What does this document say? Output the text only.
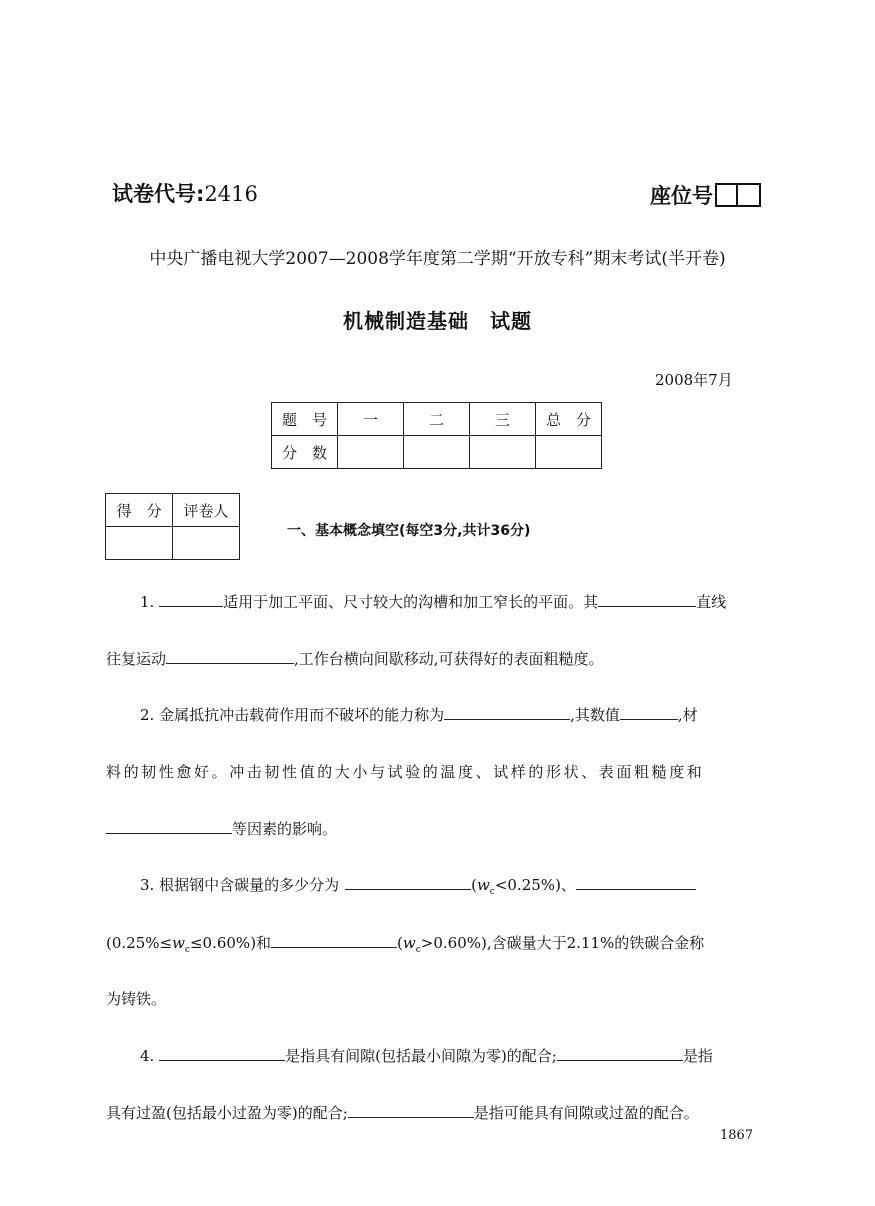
试卷代号:2416	座位号
中央广播电视大学2007—2008学年度第二学期“开放专科”期末考试(半开卷)
机械制造基础　试题
2008年7月
题　号	一	二	三	总　分
分　数				
得　分	评卷人

一、基本概念填空(每空3分,共计36分)
1.	适用于加工平面、尺寸较大的沟槽和加工窄长的平面。其	直线
往复运动	,工作台横向间歇移动,可获得好的表面粗糙度。
2. 金属抵抗冲击载荷作用而不破坏的能力称为	,其数值	,材
料的韧性愈好。冲击韧性值的大小与试验的温度、试样的形状、表面粗糙度和
等因素的影响。
3. 根据钢中含碳量的多少分为	$(w_c<0.25\%)$、
$(0.25\%\le w_c\le 0.60\%)$和	$(w_c>0.60\%)$,含碳量大于2.11%的铁碳合金称
为铸铁。
4.	是指具有间隙(包括最小间隙为零)的配合;	是指
具有过盈(包括最小过盈为零)的配合;	是指可能具有间隙或过盈的配合。
1867
